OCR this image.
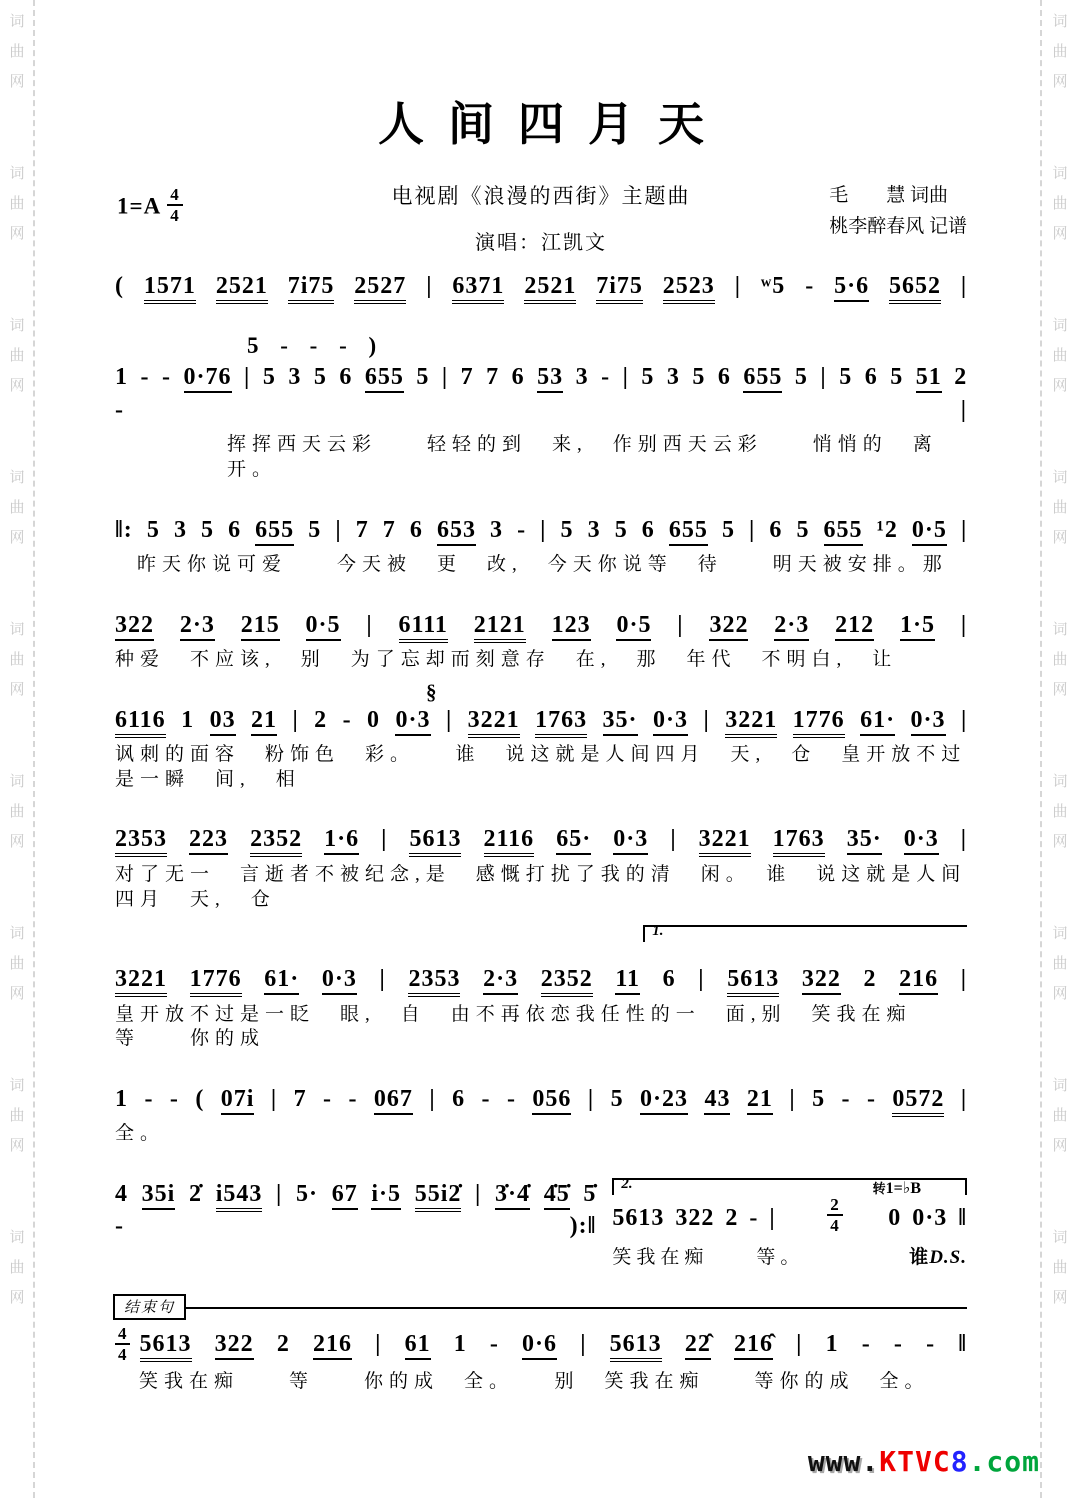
词
曲
网
词
曲
网
词
曲
网
词
曲
网
词
曲
网
词
曲
网
词
曲
网
词
曲
网
词
曲
网
词
曲
网
词
曲
网
词
曲
网
词
曲
网
词
曲
网
词
曲
网
词
曲
网
词
曲
网
词
曲
网
人间四月天
$1=A \frac{4}{4}$	电视剧《浪漫的西街》主题曲
演唱：江凯文
毛　　慧 词曲
桃李醉春风 记谱
( 1571 2521 7i75 2527 | 6371 2521 7i75 2523 | ʷ5 - 5·6 5652 |
5 - - - )
1 - - 0·76 | 5 3 5 6 655 5 | 7 7 6 53 3 - | 5 3 5 6 655 5 | 5 6 5 51 2 -	|
挥挥西天云彩　　轻轻的到　来,　作别西天云彩　　悄悄的　离开。
‖: 5 3 5 6 655 5 | 7 7 6 653 3 - | 5 3 5 6 655 5 | 6 5 655 ¹2 0·5 |
昨天你说可爱　　今天被　更　改,　今天你说等　待　　明天被安排。那
322 2·3 215 0·5 | 6111 2121 123 0·5 | 322 2·3 212 1·5 |
种爱　不应该,　别　为了忘却而刻意存　在,　那　年代　不明白,　让
§
6116 1 03 21 | 2 - 0 0·3 | 3221 1763 35· 0·3 | 3221 1776 61· 0·3 |
讽刺的面容　粉饰色　彩。　　谁　说这就是人间四月　天,　仓　皇开放不过是一瞬　间,　相
2353 223 2352 1·6 | 5613 2116 65· 0·3 | 3221 1763 35· 0·3 |
对了无一　言逝者不被纪念,是　感慨打扰了我的清　闲。　谁　说这就是人间四月　天,　仓
1.
3221 1776 61· 0·3 | 2353 2·3 2352 11 6 | 5613 322 2 216 |
皇开放不过是一眨　眼,　自　由不再依恋我任性的一　面,别　笑我在痴　　等　　你的成
1 - - ( 07i | 7 - - 067 | 6 - - 056 | 5 0·23 43 21 | 5 - - 0572 |
全。
4 35i 2̇ i543 | 5· 67 i·5 55i2̇ | 3̇·4̇ 4̇5̇ 5̇ -	):‖
2.	转1=♭B
5613 322 2 - |
2
4 0 0·3 ‖
笑我在痴　　等。	谁D.S.
结束句
4
4 5613 322 2 216 | 61 1 - 0·6 | 5613 22̂ 216̂ | 1 - - - ‖
笑我在痴　　等　　你的成　全。　　别　笑我在痴　　等你的成　全。
www.KTVC8.com
